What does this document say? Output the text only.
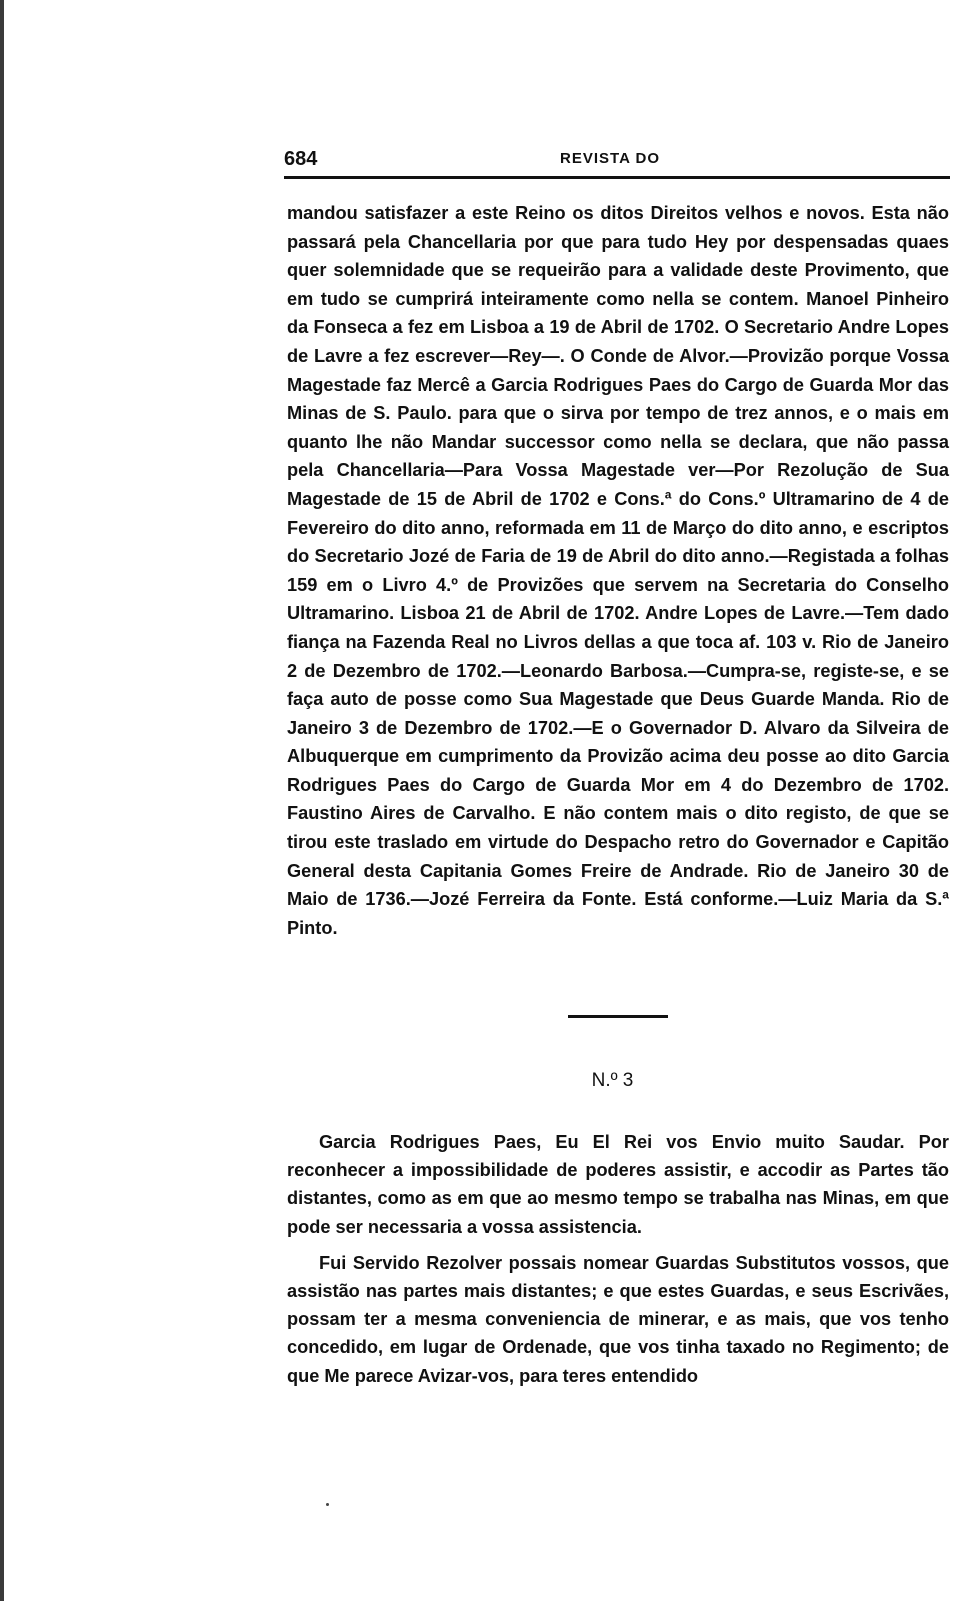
684	REVISTA DO

mandou satisfazer a este Reino os ditos Direitos velhos e novos. Esta não passará pela Chancellaria por que para tudo Hey por despensadas quaes quer solemnidade que se requeirão para a validade deste Provimento, que em tudo se cumprirá inteiramente como nella se contem. Manoel Pinheiro da Fonseca a fez em Lisboa a 19 de Abril de 1702. O Secretario Andre Lopes de Lavre a fez escrever—Rey—. O Conde de Alvor.—Provizão porque Vossa Magestade faz Mercê a Garcia Rodrigues Paes do Cargo de Guarda Mor das Minas de S. Paulo. para que o sirva por tempo de trez annos, e o mais em quanto lhe não Mandar successor como nella se declara, que não passa pela Chancellaria—Para Vossa Magestade ver—Por Rezolução de Sua Magestade de 15 de Abril de 1702 e Cons.ª do Cons.º Ultramarino de 4 de Fevereiro do dito anno, reformada em 11 de Março do dito anno, e escriptos do Secretario Jozé de Faria de 19 de Abril do dito anno.—Registada a folhas 159 em o Livro 4.º de Provizões que servem na Secretaria do Conselho Ultramarino. Lisboa 21 de Abril de 1702. Andre Lopes de Lavre.—Tem dado fiança na Fazenda Real no Livros dellas a que toca af. 103 v. Rio de Janeiro 2 de Dezembro de 1702.—Leonardo Barbosa.—Cumpra-se, registe-se, e se faça auto de posse como Sua Magestade que Deus Guarde Manda. Rio de Janeiro 3 de Dezembro de 1702.—E o Governador D. Alvaro da Silveira de Albuquerque em cumprimento da Provizão acima deu posse ao dito Garcia Rodrigues Paes do Cargo de Guarda Mor em 4 do Dezembro de 1702. Faustino Aires de Carvalho. E não contem mais o dito registo, de que se tirou este traslado em virtude do Despacho retro do Governador e Capitão General desta Capitania Gomes Freire de Andrade. Rio de Janeiro 30 de Maio de 1736.—Jozé Ferreira da Fonte. Está conforme.—Luiz Maria da S.ª Pinto.

N.º 3

Garcia Rodrigues Paes, Eu El Rei vos Envio muito Saudar. Por reconhecer a impossibilidade de poderes assistir, e accodir as Partes tão distantes, como as em que ao mesmo tempo se trabalha nas Minas, em que pode ser necessaria a vossa assistencia.

Fui Servido Rezolver possais nomear Guardas Substitutos vossos, que assistão nas partes mais distantes; e que estes Guardas, e seus Escrivães, possam ter a mesma conveniencia de minerar, e as mais, que vos tenho concedido, em lugar de Ordenade, que vos tinha taxado no Regimento; de que Me parece Avizar-vos, para teres entendido
